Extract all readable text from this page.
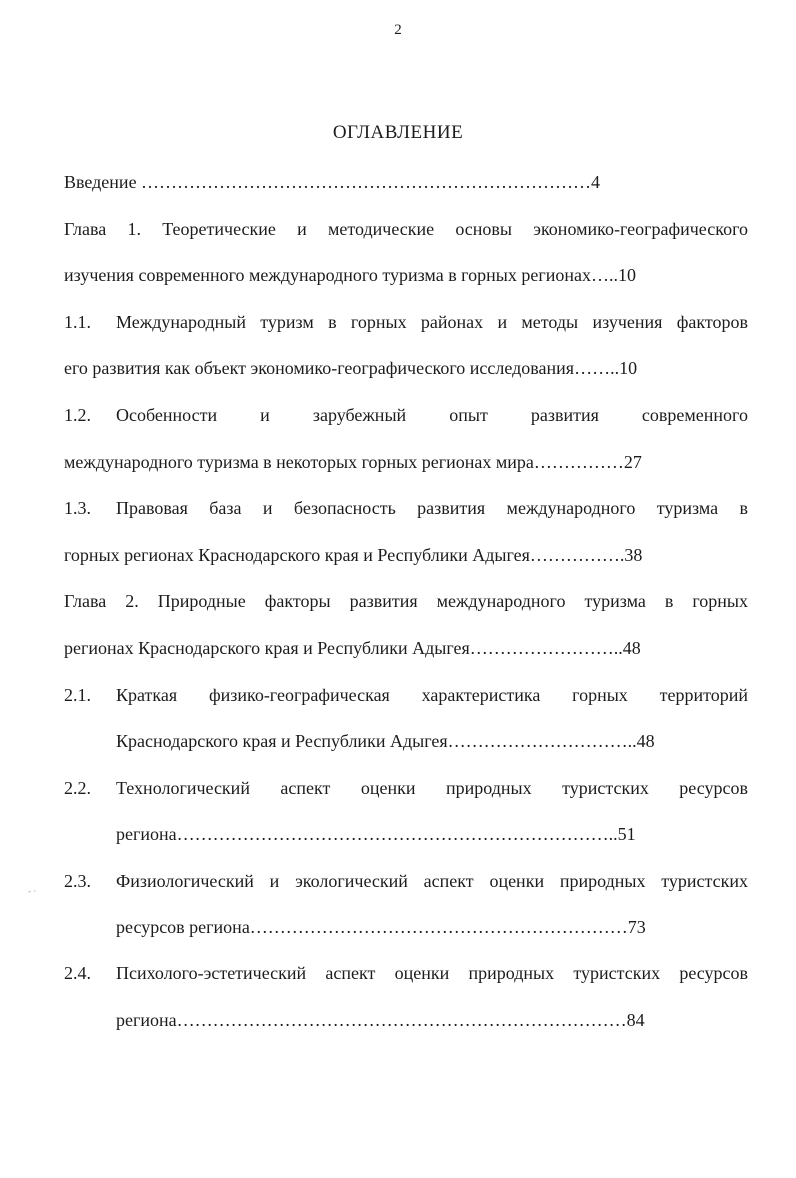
2
ОГЛАВЛЕНИЕ
Введение …………………………………………………………………4
Глава 1. Теоретические и методические основы экономико-географического
изучения современного международного туризма в горных регионах…..10
1.1. Международный туризм в горных районах и методы изучения факторов
его развития как объект экономико-географического исследования……..10
1.2. Особенности и зарубежный опыт развития современного
международного туризма в некоторых горных регионах мира……………27
1.3. Правовая база и безопасность развития международного туризма в
горных регионах Краснодарского края и Республики Адыгея…………….38
Глава 2. Природные факторы развития международного туризма в горных
регионах Краснодарского края и Республики Адыгея……………………..48
2.1. Краткая физико-географическая характеристика горных территорий
Краснодарского края и Республики Адыгея…………………………..48
2.2. Технологический аспект оценки природных туристских ресурсов
региона………………………………………………………………..51
2.3. Физиологический и экологический аспект оценки природных туристских
ресурсов региона………………………………………………………73
2.4. Психолого-эстетический аспект оценки природных туристских ресурсов
региона…………………………………………………………………84
- ·
